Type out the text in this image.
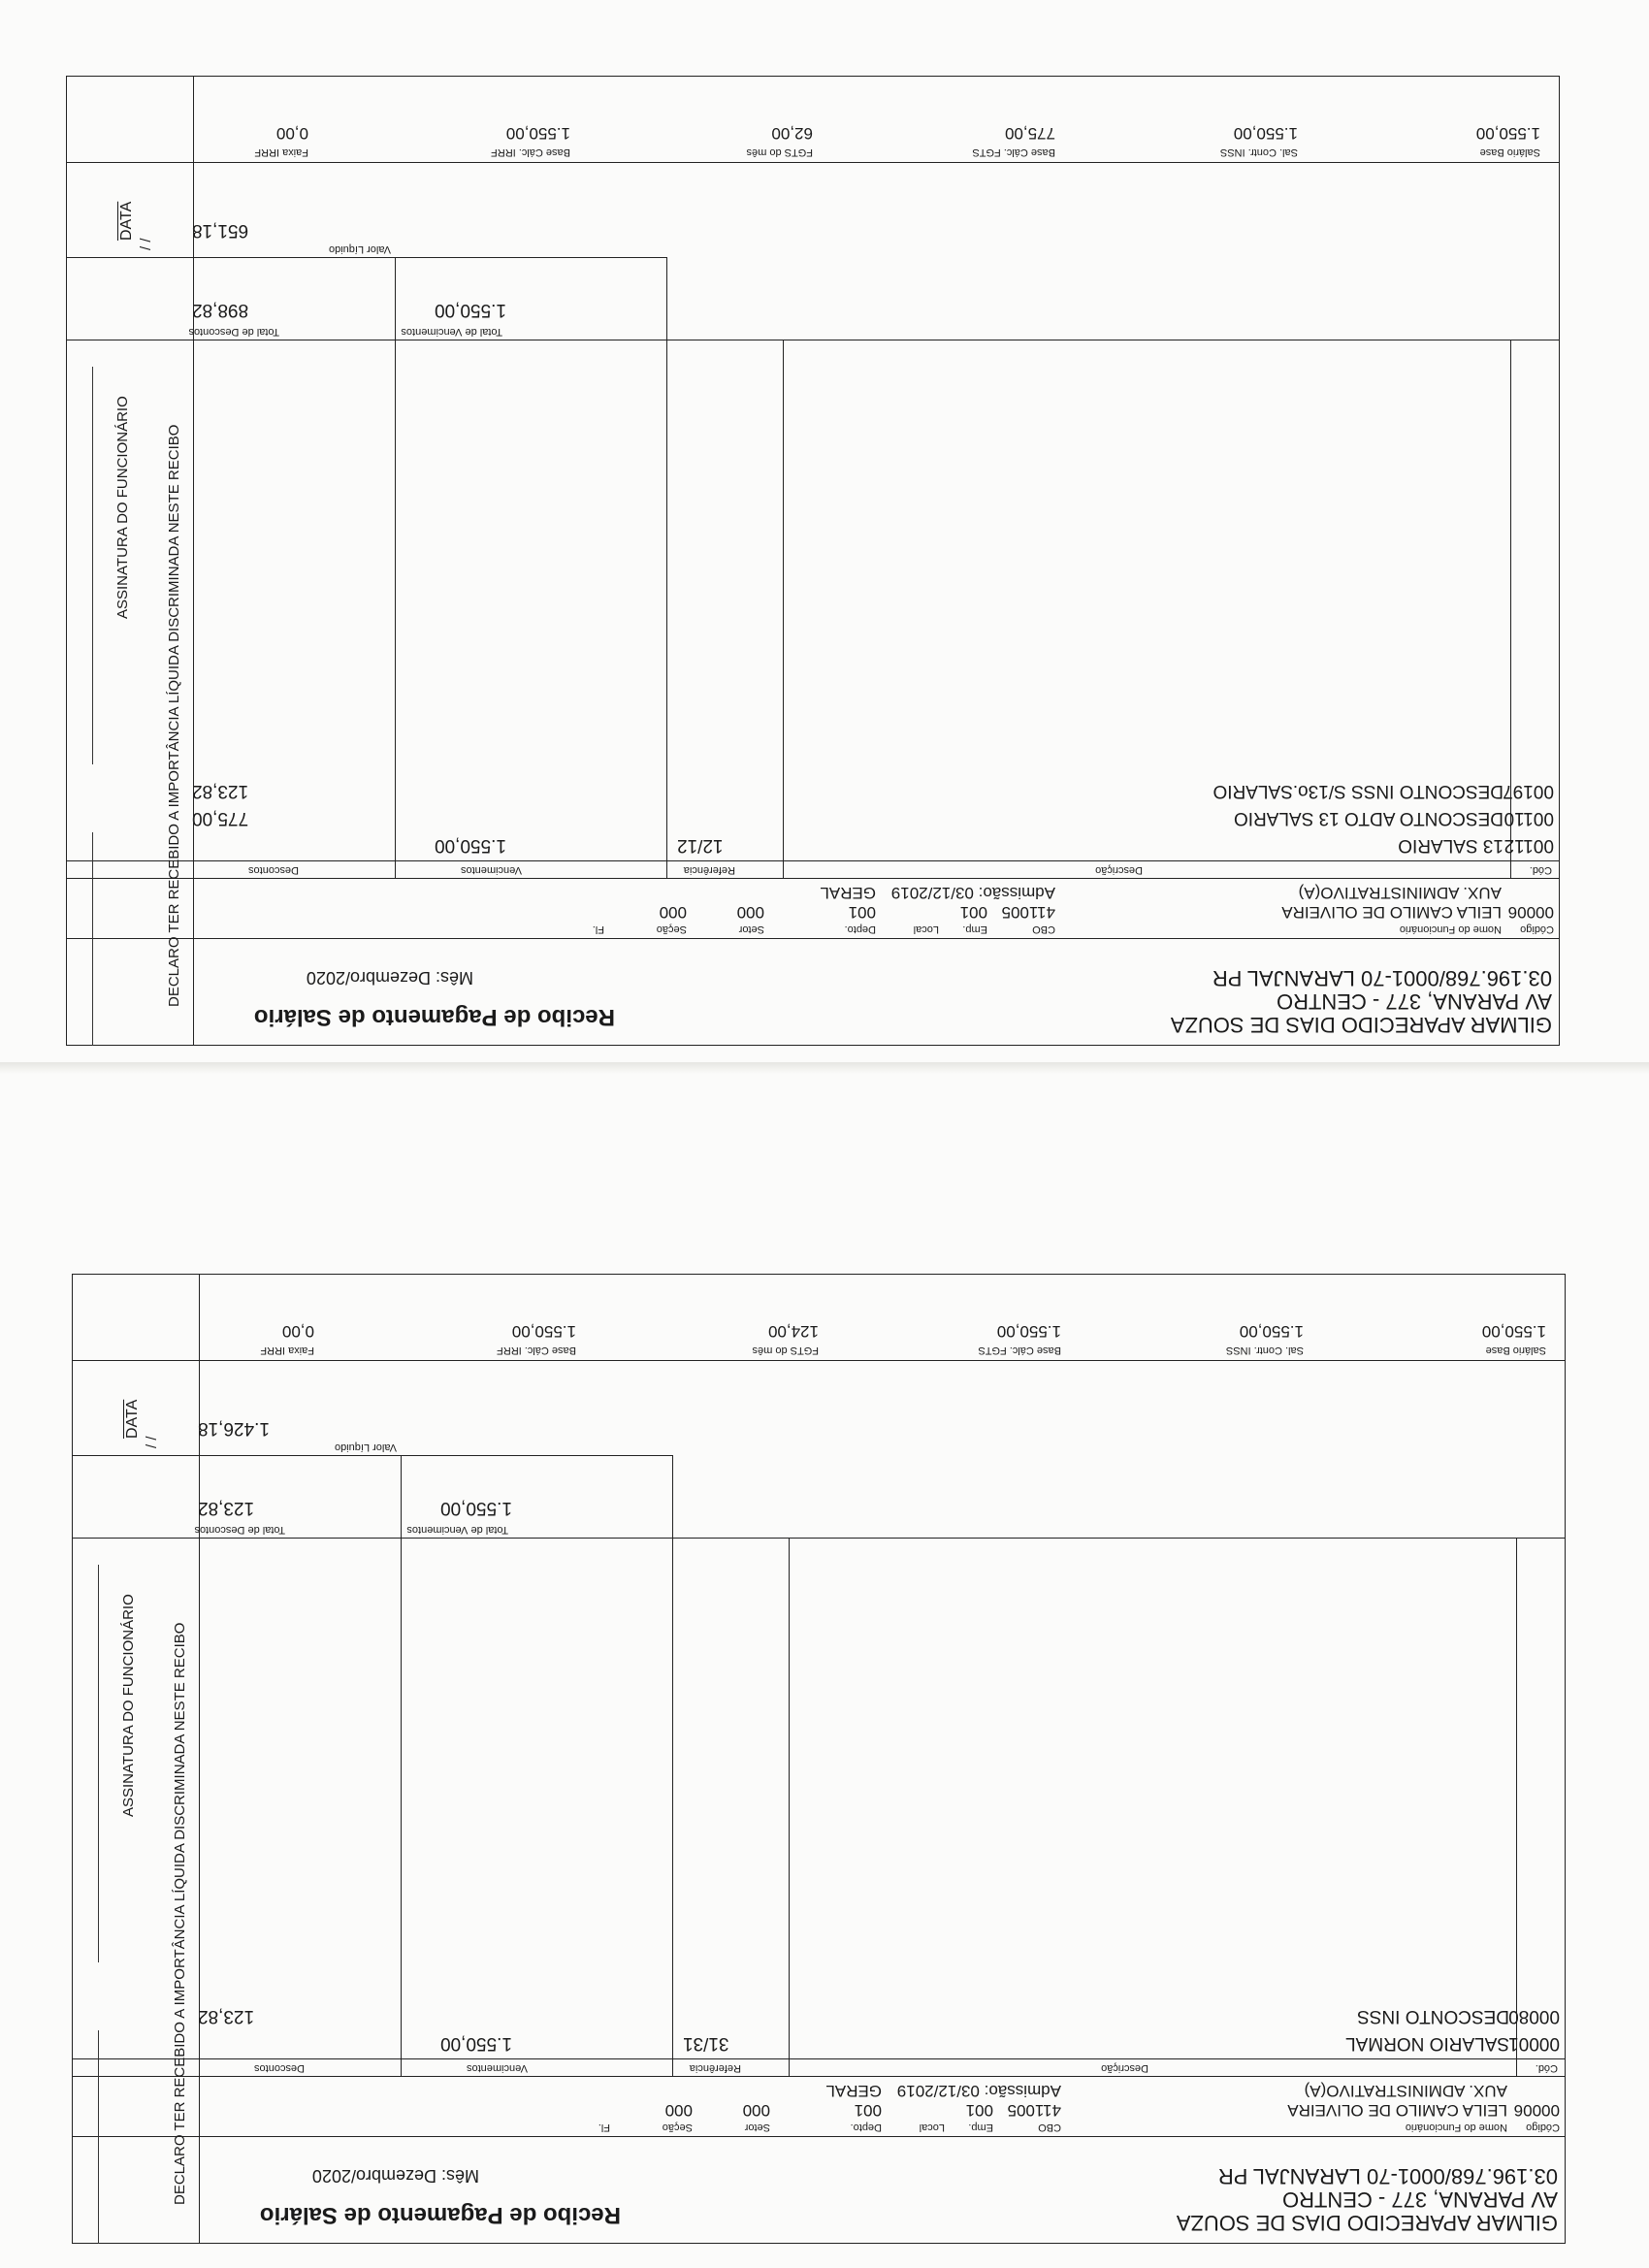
GILMAR APARECIDO DIAS DE SOUZA
AV PARANA, 377 - CENTRO
03.196.768/0001-70 LARANJAL PR
Recibo de Pagamento de Salário
Mês: Dezembro/2020
Código
Nome do Funcionário
00006
LEILA CAMILO DE OLIVEIRA
AUX. ADMINISTRATIVO(A)
CBO
411005
Emp.
001
Local
Admissão: 03/12/2019
Depto.
001
GERAL
Setor
000
Seção
000
Fl.
Cód.
Descrição
Referência
Vencimentos
Descontos
00112
13 SALARIO
12/12
1.550,00
00110
DESCONTO ADTO 13 SALARIO
775,00
00197
DESCONTO INSS S/13o.SALARIO
123,82
Total de Vencimentos
1.550,00
Total de Descontos
898,82
Valor Líquido
651,18
Salário Base
1.550,00
Sal. Contr. INSS
1.550,00
Base Cálc. FGTS
775,00
FGTS do mês
62,00
Base Cálc. IRRF
1.550,00
Faixa IRRF
0,00
DECLARO TER RECEBIDO A IMPORTÂNCIA LÍQUIDA DISCRIMINADA NESTE RECIBO
ASSINATURA DO FUNCIONÁRIO
/ /
DATA
GILMAR APARECIDO DIAS DE SOUZA
AV PARANA, 377 - CENTRO
03.196.768/0001-70 LARANJAL PR
Recibo de Pagamento de Salário
Mês: Dezembro/2020
Código
Nome do Funcionário
00006
LEILA CAMILO DE OLIVEIRA
AUX. ADMINISTRATIVO(A)
CBO
411005
Emp.
001
Local
Admissão: 03/12/2019
Depto.
001
GERAL
Setor
000
Seção
000
Fl.
Cód.
Descrição
Referência
Vencimentos
Descontos
00001
SALARIO NORMAL
31/31
1.550,00
00080
DESCONTO INSS
123,82
Total de Vencimentos
1.550,00
Total de Descontos
123,82
Valor Líquido
1.426,18
Salário Base
1.550,00
Sal. Contr. INSS
1.550,00
Base Cálc. FGTS
1.550,00
FGTS do mês
124,00
Base Cálc. IRRF
1.550,00
Faixa IRRF
0,00
DECLARO TER RECEBIDO A IMPORTÂNCIA LÍQUIDA DISCRIMINADA NESTE RECIBO
ASSINATURA DO FUNCIONÁRIO
/ /
DATA
